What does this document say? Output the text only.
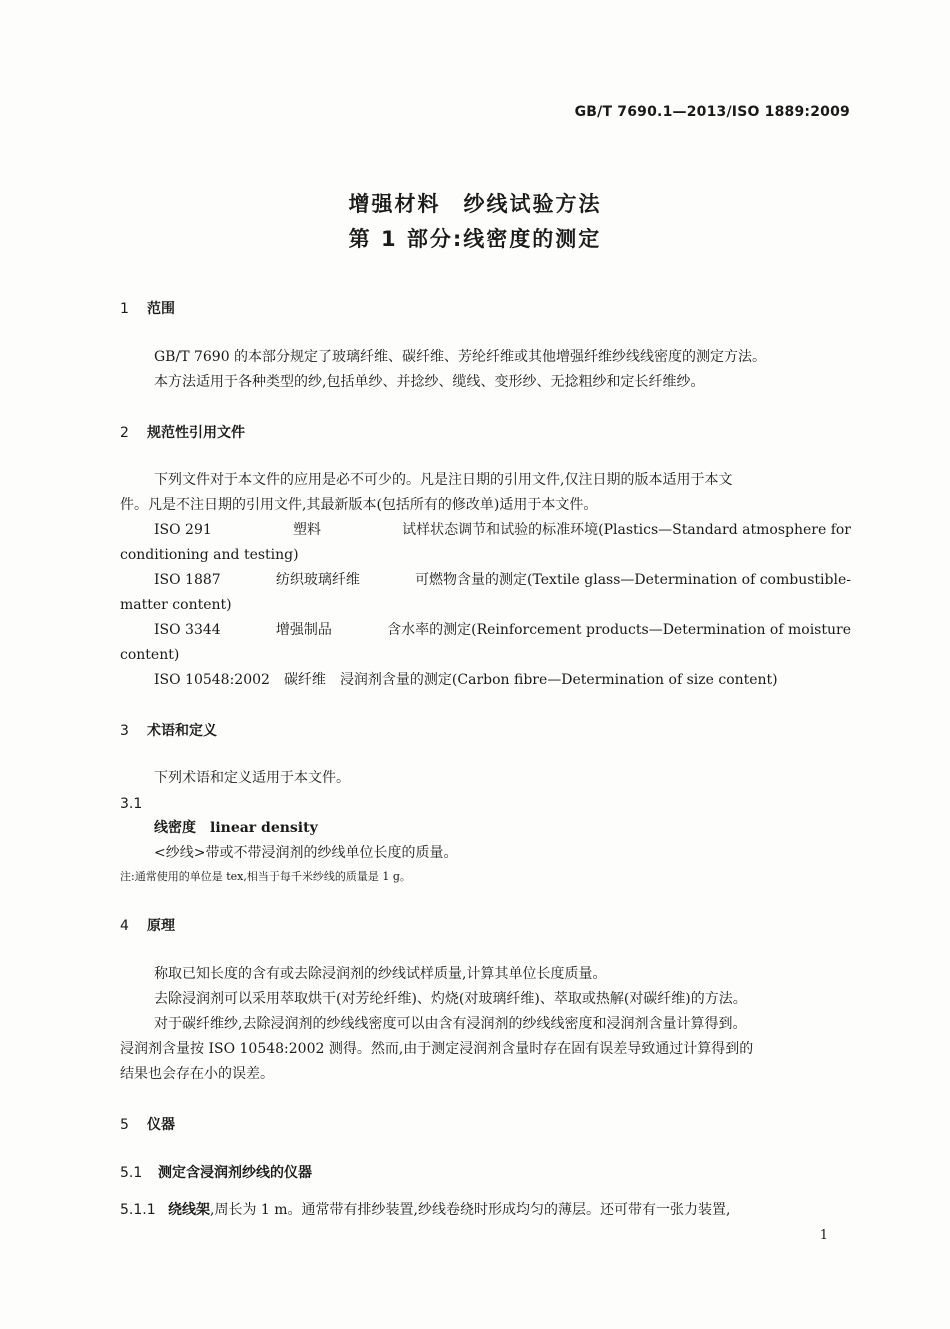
GB/T 7690.1—2013/ISO 1889:2009
增强材料　纱线试验方法
第 1 部分:线密度的测定
1 范围
GB/T 7690 的本部分规定了玻璃纤维、碳纤维、芳纶纤维或其他增强纤维纱线线密度的测定方法。
本方法适用于各种类型的纱,包括单纱、并捻纱、缆线、变形纱、无捻粗纱和定长纤维纱。
2 规范性引用文件
下列文件对于本文件的应用是必不可少的。凡是注日期的引用文件,仅注日期的版本适用于本文
件。凡是不注日期的引用文件,其最新版本(包括所有的修改单)适用于本文件。
ISO 291	塑料	试样状态调节和试验的标准环境(Plastics—Standard atmosphere for
conditioning and testing)
ISO 1887	纺织玻璃纤维	可燃物含量的测定(Textile glass—Determination of combustible-
matter content)
ISO 3344	增强制品	含水率的测定(Reinforcement products—Determination of moisture
content)
ISO 10548:2002  碳纤维  浸润剂含量的测定(Carbon fibre—Determination of size content)
3 术语和定义
下列术语和定义适用于本文件。
3.1
线密度 linear density
<纱线>带或不带浸润剂的纱线单位长度的质量。
注:通常使用的单位是 tex,相当于每千米纱线的质量是 1 g。
4 原理
称取已知长度的含有或去除浸润剂的纱线试样质量,计算其单位长度质量。
去除浸润剂可以采用萃取烘干(对芳纶纤维)、灼烧(对玻璃纤维)、萃取或热解(对碳纤维)的方法。
对于碳纤维纱,去除浸润剂的纱线线密度可以由含有浸润剂的纱线线密度和浸润剂含量计算得到。
浸润剂含量按 ISO 10548:2002 测得。然而,由于测定浸润剂含量时存在固有误差导致通过计算得到的
结果也会存在小的误差。
5 仪器
5.1 测定含浸润剂纱线的仪器
5.1.1 绕线架,周长为 1 m。通常带有排纱装置,纱线卷绕时形成均匀的薄层。还可带有一张力装置,
1
